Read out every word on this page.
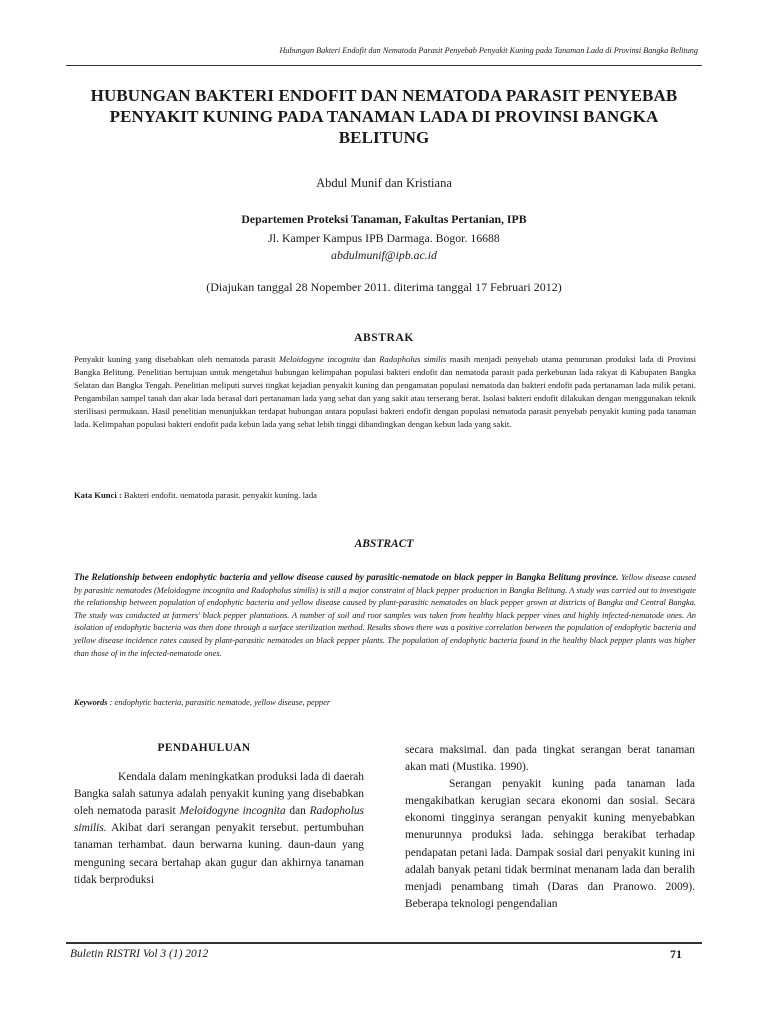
Hubungan Bakteri Endofit dan Nematoda Parasit Penyebab Penyakit Kuning pada Tanaman Lada di Provinsi Bangka Belitung
HUBUNGAN BAKTERI ENDOFIT DAN NEMATODA PARASIT PENYEBAB PENYAKIT KUNING PADA TANAMAN LADA DI PROVINSI BANGKA BELITUNG
Abdul Munif dan Kristiana
Departemen Proteksi Tanaman, Fakultas Pertanian, IPB
Jl. Kamper Kampus IPB Darmaga. Bogor. 16688
abdulmunif@ipb.ac.id
(Diajukan tanggal 28 Nopember 2011. diterima tanggal 17 Februari 2012)
ABSTRAK
Penyakit kuning yang disebabkan oleh nematoda parasit Meloidogyne incognita dan Radopholus similis masih menjadi penyebab utama penurunan produksi lada di Provinsi Bangka Belitung. Penelitian bertujuan untuk mengetahui hubungan kelimpahan populasi bakteri endofit dan nematoda parasit pada perkebunan lada rakyat di Kabupaten Bangka Selatan dan Bangka Tengah. Penelitian meliputi survei tingkat kejadian penyakit kuning dan pengamatan populasi nematoda dan bakteri endofit pada pertanaman lada milik petani. Pengambilan sampel tanah dan akar lada berasal dari pertanaman lada yang sehat dan yang sakit atau terserang berat. Isolasi bakteri endofit dilakukan dengan menggunakan teknik sterilisasi permukaan. Hasil penelitian menunjukkan terdapat hubungan antara populasi bakteri endofit dengan populasi nematoda parasit penyebab penyakit kuning pada tanaman lada. Kelimpahan populasi bakteri endofit pada kebun lada yang sehat lebih tinggi dibandingkan dengan kebun lada yang sakit.
Kata Kunci : Bakteri endofit. nematoda parasit. penyakit kuning. lada
ABSTRACT
The Relationship between endophytic bacteria and yellow disease caused by parasitic-nematode on black pepper in Bangka Belitung province. Yellow disease caused by parasitic nematodes (Meloidogyne incognita and Radopholus similis) is still a major constraint of black pepper production in Bangka Belitung. A study was carried out to investigate the relationship between population of endophytic bacteria and yellow disease caused by plant-parasitic nematodes on black pepper grown at districts of Bangka and Central Bangka. The study was conducted at farmers' black pepper plantations. A number of soil and root samples was taken from healthy black pepper vines and highly infected-nematode ones. An isolation of endophytic bacteria was then done through a surface sterilization method. Results shows there was a positive correlation between the population of endophytic bacteria and yellow disease incidence rates caused by plant-parasitic nematodes on black pepper plants. The population of endophytic bacteria found in the healthy black pepper plants was higher than those of in the infected-nematode ones.
Keywords : endophytic bacteria, parasitic nematode, yellow disease, pepper
PENDAHULUAN

Kendala dalam meningkatkan produksi lada di daerah Bangka salah satunya adalah penyakit kuning yang disebabkan oleh nematoda parasit Meloidogyne incognita dan Radopholus similis. Akibat dari serangan penyakit tersebut. pertumbuhan tanaman terhambat. daun berwarna kuning. daun-daun yang menguning secara bertahap akan gugur dan akhirnya tanaman tidak berproduksi

secara maksimal. dan pada tingkat serangan berat tanaman akan mati (Mustika. 1990).

Serangan penyakit kuning pada tanaman lada mengakibatkan kerugian secara ekonomi dan sosial. Secara ekonomi tingginya serangan penyakit kuning menyebabkan menurunnya produksi lada. sehingga berakibat terhadap pendapatan petani lada. Dampak sosial dari penyakit kuning ini adalah banyak petani tidak berminat menanam lada dan beralih menjadi penambang timah (Daras dan Pranowo. 2009). Beberapa teknologi pengendalian

Buletin RISTRI Vol 3 (1) 2012	71
